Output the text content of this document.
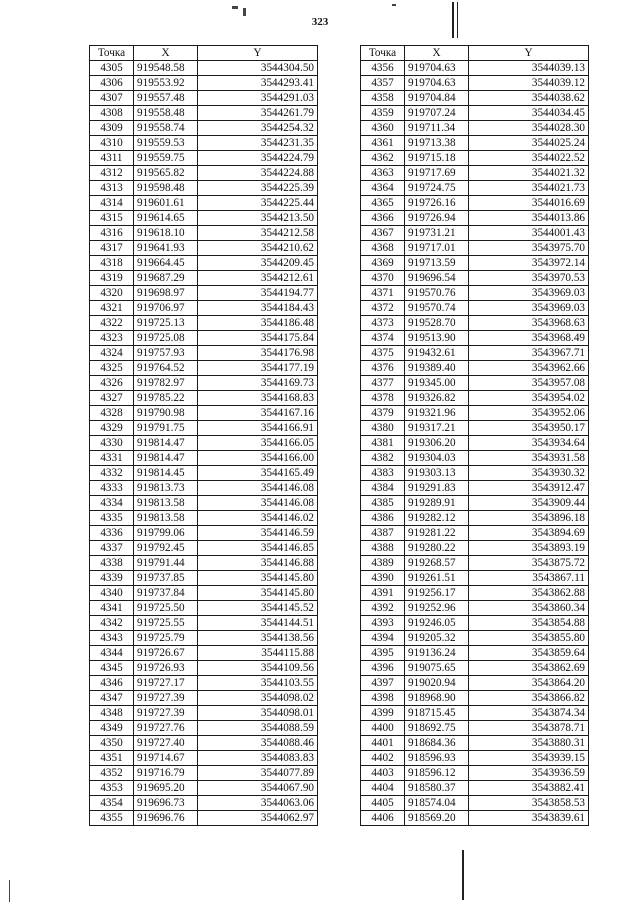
323
Точка	X	Y
4305	919548.58	3544304.50
4306	919553.92	3544293.41
4307	919557.48	3544291.03
4308	919558.48	3544261.79
4309	919558.74	3544254.32
4310	919559.53	3544231.35
4311	919559.75	3544224.79
4312	919565.82	3544224.88
4313	919598.48	3544225.39
4314	919601.61	3544225.44
4315	919614.65	3544213.50
4316	919618.10	3544212.58
4317	919641.93	3544210.62
4318	919664.45	3544209.45
4319	919687.29	3544212.61
4320	919698.97	3544194.77
4321	919706.97	3544184.43
4322	919725.13	3544186.48
4323	919725.08	3544175.84
4324	919757.93	3544176.98
4325	919764.52	3544177.19
4326	919782.97	3544169.73
4327	919785.22	3544168.83
4328	919790.98	3544167.16
4329	919791.75	3544166.91
4330	919814.47	3544166.05
4331	919814.47	3544166.00
4332	919814.45	3544165.49
4333	919813.73	3544146.08
4334	919813.58	3544146.08
4335	919813.58	3544146.02
4336	919799.06	3544146.59
4337	919792.45	3544146.85
4338	919791.44	3544146.88
4339	919737.85	3544145.80
4340	919737.84	3544145.80
4341	919725.50	3544145.52
4342	919725.55	3544144.51
4343	919725.79	3544138.56
4344	919726.67	3544115.88
4345	919726.93	3544109.56
4346	919727.17	3544103.55
4347	919727.39	3544098.02
4348	919727.39	3544098.01
4349	919727.76	3544088.59
4350	919727.40	3544088.46
4351	919714.67	3544083.83
4352	919716.79	3544077.89
4353	919695.20	3544067.90
4354	919696.73	3544063.06
4355	919696.76	3544062.97
Точка	X	Y
4356	919704.63	3544039.13
4357	919704.63	3544039.12
4358	919704.84	3544038.62
4359	919707.24	3544034.45
4360	919711.34	3544028.30
4361	919713.38	3544025.24
4362	919715.18	3544022.52
4363	919717.69	3544021.32
4364	919724.75	3544021.73
4365	919726.16	3544016.69
4366	919726.94	3544013.86
4367	919731.21	3544001.43
4368	919717.01	3543975.70
4369	919713.59	3543972.14
4370	919696.54	3543970.53
4371	919570.76	3543969.03
4372	919570.74	3543969.03
4373	919528.70	3543968.63
4374	919513.90	3543968.49
4375	919432.61	3543967.71
4376	919389.40	3543962.66
4377	919345.00	3543957.08
4378	919326.82	3543954.02
4379	919321.96	3543952.06
4380	919317.21	3543950.17
4381	919306.20	3543934.64
4382	919304.03	3543931.58
4383	919303.13	3543930.32
4384	919291.83	3543912.47
4385	919289.91	3543909.44
4386	919282.12	3543896.18
4387	919281.22	3543894.69
4388	919280.22	3543893.19
4389	919268.57	3543875.72
4390	919261.51	3543867.11
4391	919256.17	3543862.88
4392	919252.96	3543860.34
4393	919246.05	3543854.88
4394	919205.32	3543855.80
4395	919136.24	3543859.64
4396	919075.65	3543862.69
4397	919020.94	3543864.20
4398	918968.90	3543866.82
4399	918715.45	3543874.34
4400	918692.75	3543878.71
4401	918684.36	3543880.31
4402	918596.93	3543939.15
4403	918596.12	3543936.59
4404	918580.37	3543882.41
4405	918574.04	3543858.53
4406	918569.20	3543839.61
